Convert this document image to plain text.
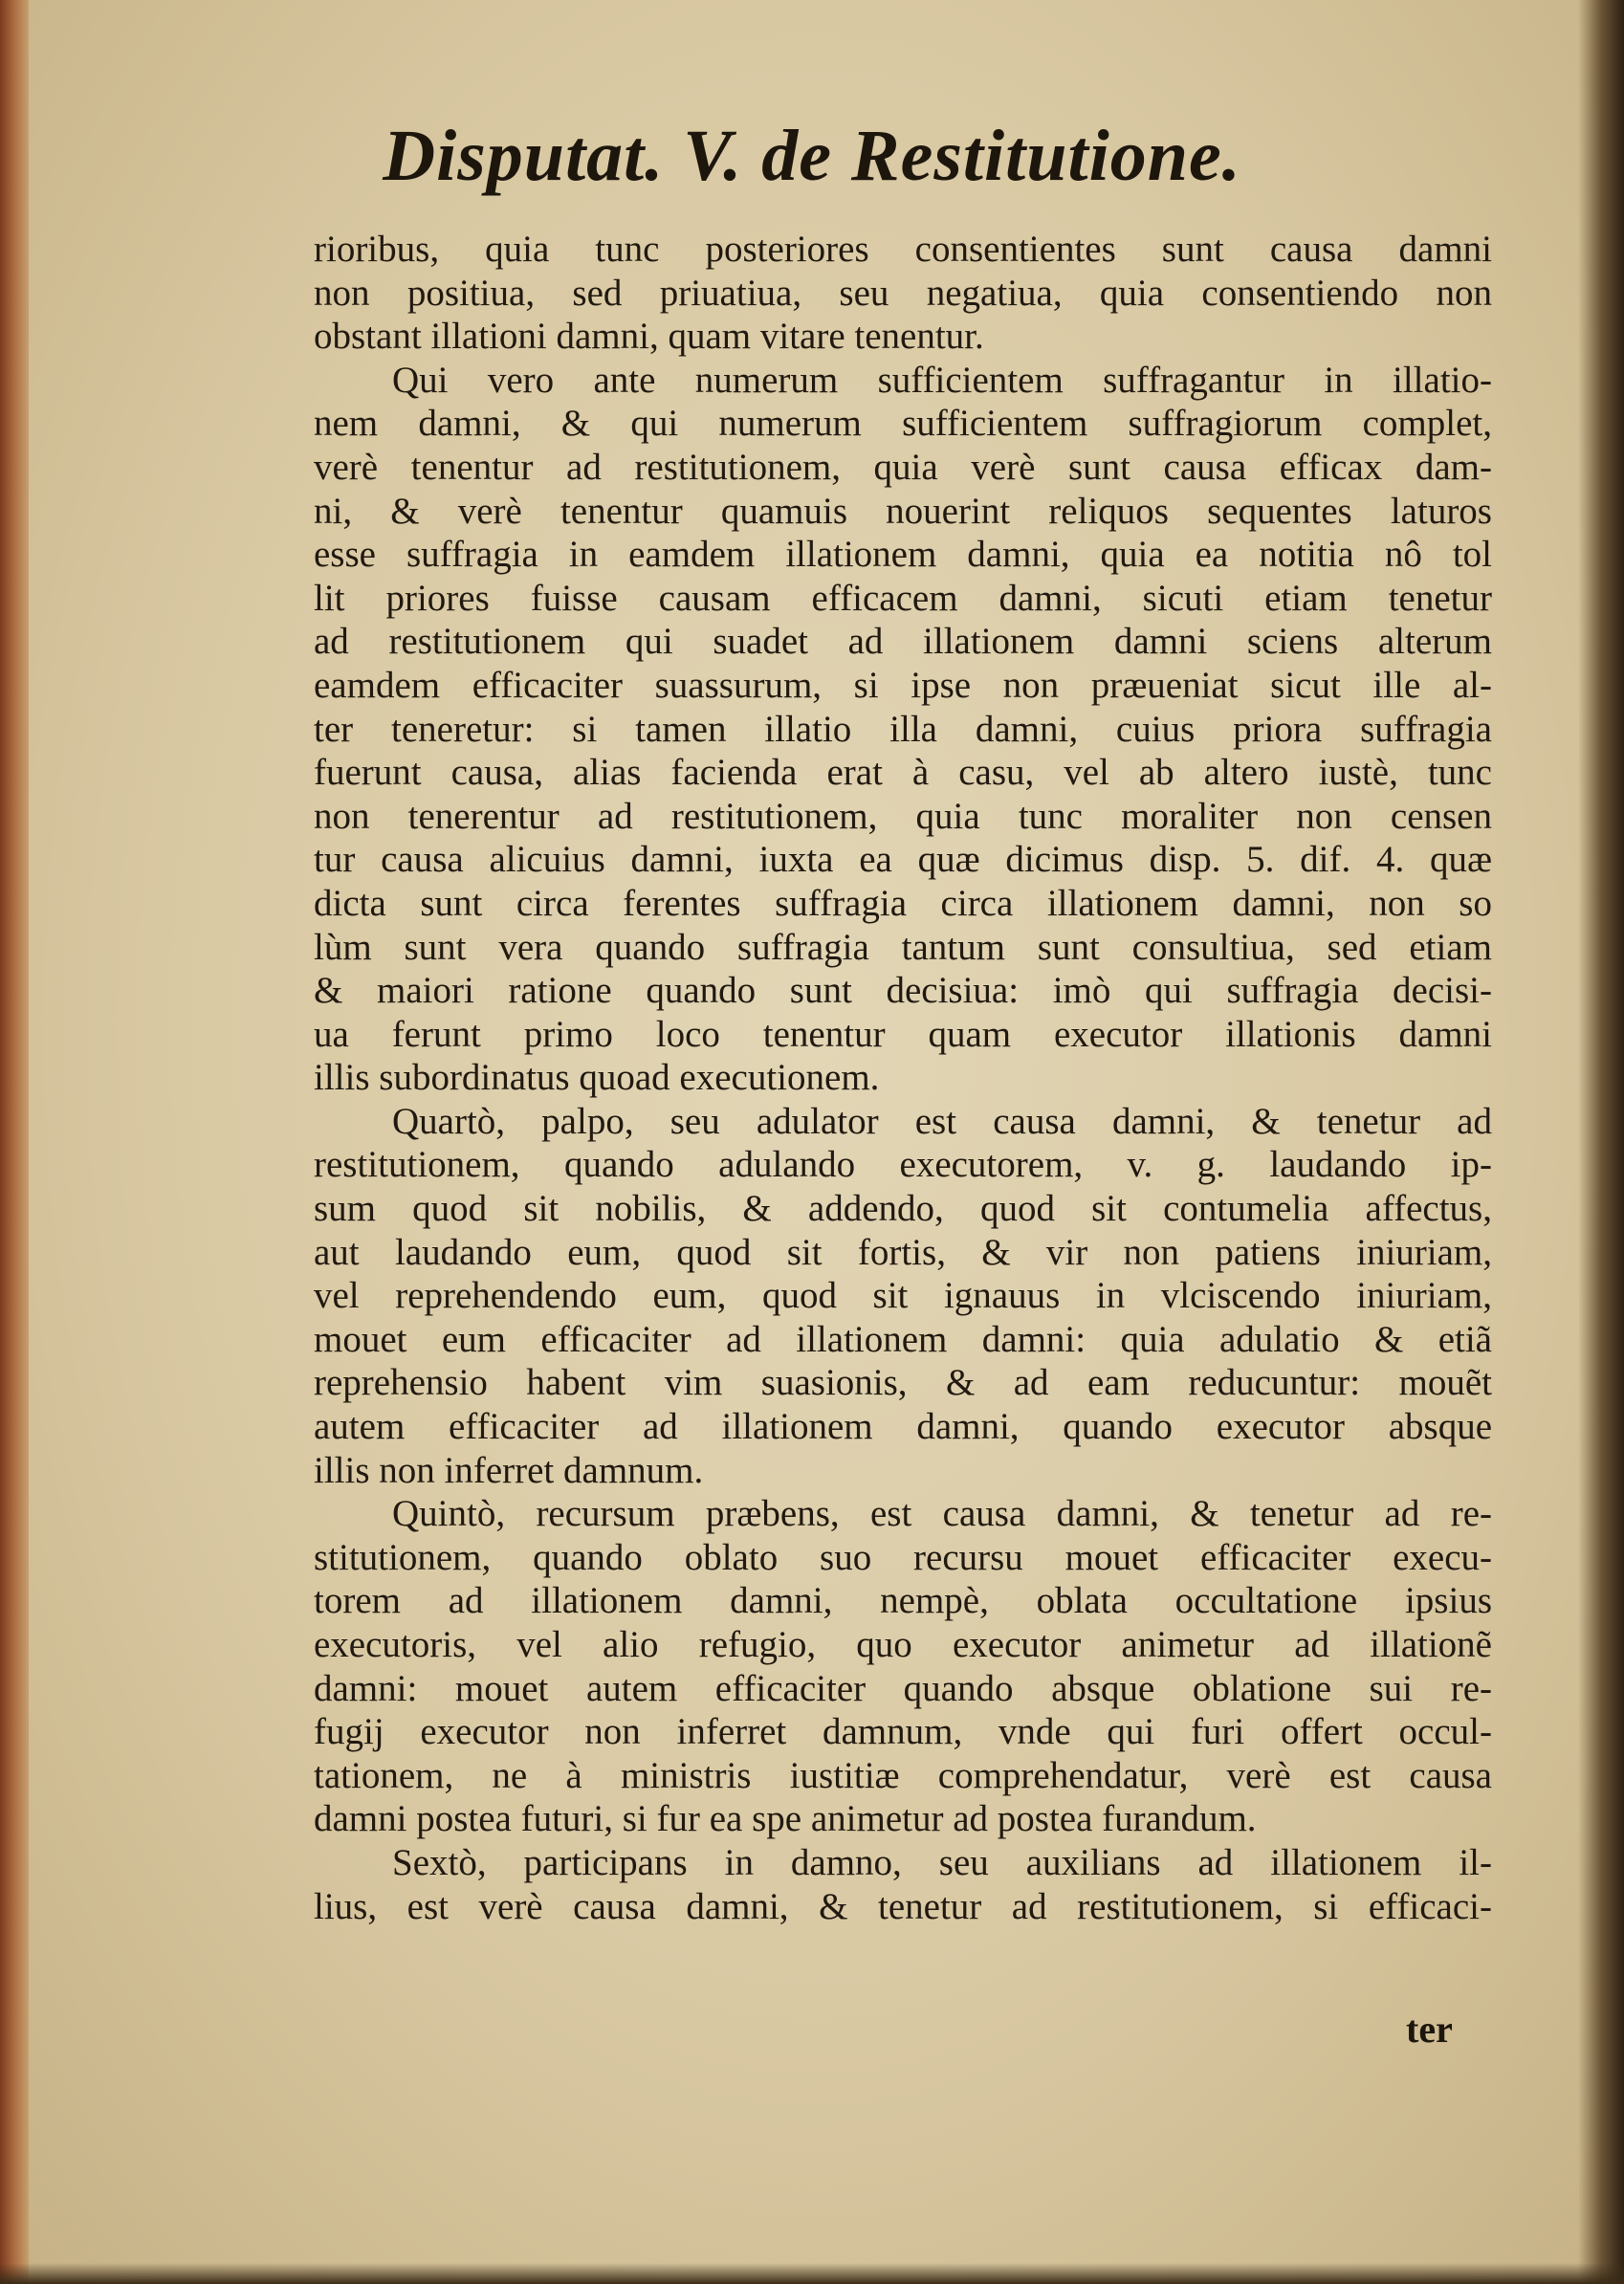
Disputat. V. de Restitutione.
rioribus, quia tunc posteriores consentientes sunt causa damni
non positiua, sed priuatiua, seu negatiua, quia consentiendo non
obstant illationi damni, quam vitare tenentur.
Qui vero ante numerum sufficientem suffragantur in illatio-
nem damni, & qui numerum sufficientem suffragiorum complet,
verè tenentur ad restitutionem, quia verè sunt causa efficax dam-
ni, & verè tenentur quamuis nouerint reliquos sequentes laturos
esse suffragia in eamdem illationem damni, quia ea notitia nô tol
lit priores fuisse causam efficacem damni, sicuti etiam tenetur
ad restitutionem qui suadet ad illationem damni sciens alterum
eamdem efficaciter suassurum, si ipse non præueniat sicut ille al-
ter teneretur: si tamen illatio illa damni, cuius priora suffragia
fuerunt causa, alias facienda erat à casu, vel ab altero iustè, tunc
non tenerentur ad restitutionem, quia tunc moraliter non censen
tur causa alicuius damni, iuxta ea quæ dicimus disp. 5. dif. 4. quæ
dicta sunt circa ferentes suffragia circa illationem damni, non so
lùm sunt vera quando suffragia tantum sunt consultiua, sed etiam
& maiori ratione quando sunt decisiua: imò qui suffragia decisi-
ua ferunt primo loco tenentur quam executor illationis damni
illis subordinatus quoad executionem.
Quartò, palpo, seu adulator est causa damni, & tenetur ad
restitutionem, quando adulando executorem, v. g. laudando ip-
sum quod sit nobilis, & addendo, quod sit contumelia affectus,
aut laudando eum, quod sit fortis, & vir non patiens iniuriam,
vel reprehendendo eum, quod sit ignauus in vlciscendo iniuriam,
mouet eum efficaciter ad illationem damni: quia adulatio & etiã
reprehensio habent vim suasionis, & ad eam reducuntur: mouẽt
autem efficaciter ad illationem damni, quando executor absque
illis non inferret damnum.
Quintò, recursum præbens, est causa damni, & tenetur ad re-
stitutionem, quando oblato suo recursu mouet efficaciter execu-
torem ad illationem damni, nempè, oblata occultatione ipsius
executoris, vel alio refugio, quo executor animetur ad illationẽ
damni: mouet autem efficaciter quando absque oblatione sui re-
fugij executor non inferret damnum, vnde qui furi offert occul-
tationem, ne à ministris iustitiæ comprehendatur, verè est causa
damni postea futuri, si fur ea spe animetur ad postea furandum.
Sextò, participans in damno, seu auxilians ad illationem il-
lius, est verè causa damni, & tenetur ad restitutionem, si efficaci-
ter
